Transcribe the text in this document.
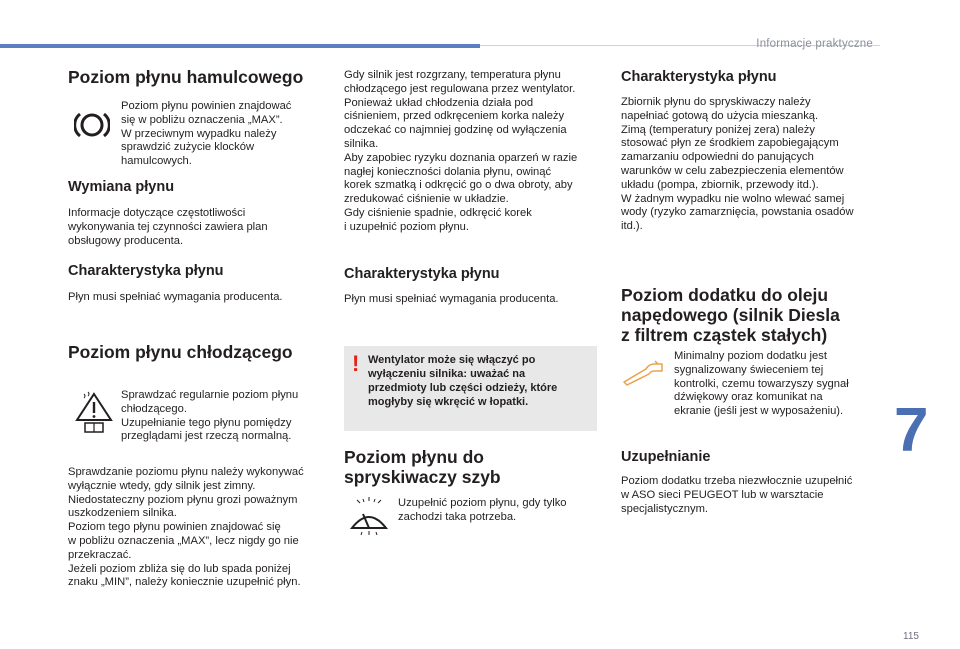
Informacje praktyczne
7
115
Poziom płynu hamulcowego

Poziom płynu powinien znajdować
się w pobliżu oznaczenia „MAX”.
W przeciwnym wypadku należy
sprawdzić zużycie klocków
hamulcowych.

Wymiana płynu

Informacje dotyczące częstotliwości
wykonywania tej czynności zawiera plan
obsługowy producenta.

Charakterystyka płynu

Płyn musi spełniać wymagania producenta.

Poziom płynu chłodzącego

Sprawdzać regularnie poziom płynu
chłodzącego.
Uzupełnianie tego płynu pomiędzy
przeglądami jest rzeczą normalną.

Sprawdzanie poziomu płynu należy wykonywać
wyłącznie wtedy, gdy silnik jest zimny.
Niedostateczny poziom płynu grozi poważnym
uszkodzeniem silnika.
Poziom tego płynu powinien znajdować się
w pobliżu oznaczenia „MAX”, lecz nigdy go nie
przekraczać.
Jeżeli poziom zbliża się do lub spada poniżej
znaku „MIN”, należy koniecznie uzupełnić płyn.

Gdy silnik jest rozgrzany, temperatura płynu
chłodzącego jest regulowana przez wentylator.
Ponieważ układ chłodzenia działa pod
ciśnieniem, przed odkręceniem korka należy
odczekać co najmniej godzinę od wyłączenia
silnika.
Aby zapobiec ryzyku doznania oparzeń w razie
nagłej konieczności dolania płynu, owinąć
korek szmatką i odkręcić go o dwa obroty, aby
zredukować ciśnienie w układzie.
Gdy ciśnienie spadnie, odkręcić korek
i uzupełnić poziom płynu.

Charakterystyka płynu

Płyn musi spełniać wymagania producenta.

! Wentylator może się włączyć po
wyłączeniu silnika: uważać na
przedmioty lub części odzieży, które
mogłyby się wkręcić w łopatki.
Poziom płynu do
spryskiwaczy szyb

Uzupełnić poziom płynu, gdy tylko
zachodzi taka potrzeba.

Charakterystyka płynu

Zbiornik płynu do spryskiwaczy należy
napełniać gotową do użycia mieszanką.
Zimą (temperatury poniżej zera) należy
stosować płyn ze środkiem zapobiegającym
zamarzaniu odpowiedni do panujących
warunków w celu zabezpieczenia elementów
układu (pompa, zbiornik, przewody itd.).
W żadnym wypadku nie wolno wlewać samej
wody (ryzyko zamarznięcia, powstania osadów
itd.).

Poziom dodatku do oleju
napędowego (silnik Diesla
z filtrem cząstek stałych)

Minimalny poziom dodatku jest
sygnalizowany świeceniem tej
kontrolki, czemu towarzyszy sygnał
dźwiękowy oraz komunikat na
ekranie (jeśli jest w wyposażeniu).

Uzupełnianie

Poziom dodatku trzeba niezwłocznie uzupełnić
w ASO sieci PEUGEOT lub w warsztacie
specjalistycznym.
